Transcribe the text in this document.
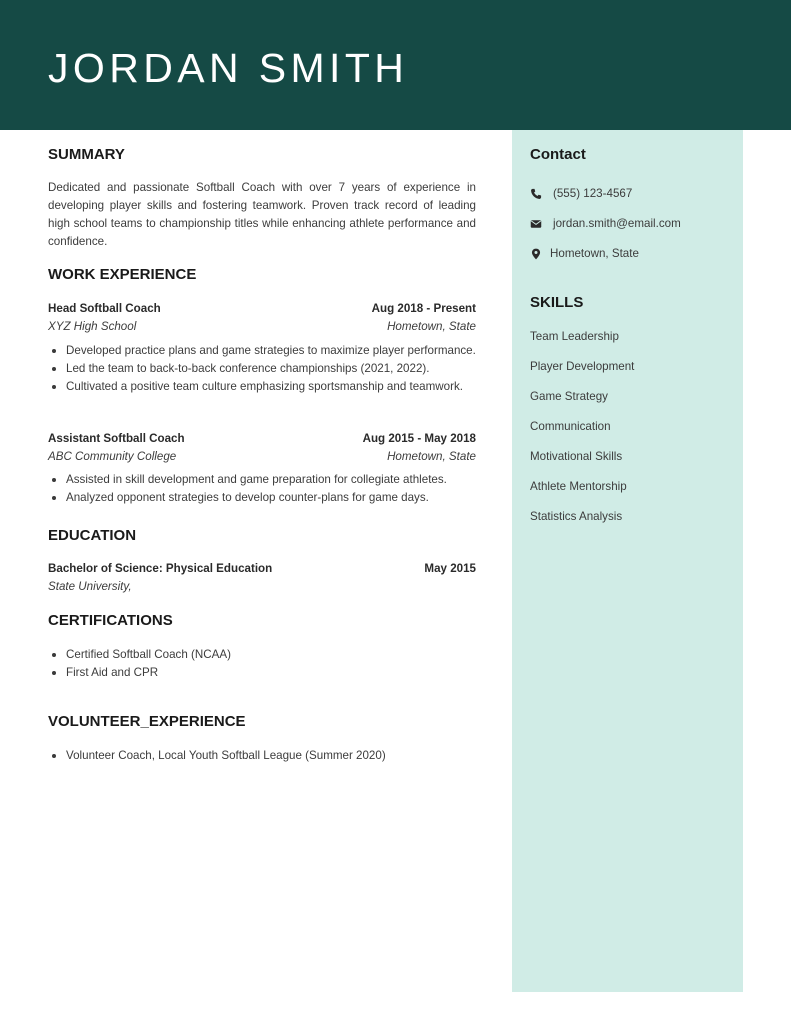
JORDAN SMITH
SUMMARY
Dedicated and passionate Softball Coach with over 7 years of experience in developing player skills and fostering teamwork. Proven track record of leading high school teams to championship titles while enhancing athlete performance and confidence.
WORK EXPERIENCE
Head Softball Coach	Aug 2018 - Present
XYZ High School	Hometown, State
Developed practice plans and game strategies to maximize player performance.
Led the team to back-to-back conference championships (2021, 2022).
Cultivated a positive team culture emphasizing sportsmanship and teamwork.
Assistant Softball Coach	Aug 2015 - May 2018
ABC Community College	Hometown, State
Assisted in skill development and game preparation for collegiate athletes.
Analyzed opponent strategies to develop counter-plans for game days.
EDUCATION
Bachelor of Science: Physical Education	May 2015
State University,
CERTIFICATIONS
Certified Softball Coach (NCAA)
First Aid and CPR
VOLUNTEER_EXPERIENCE
Volunteer Coach, Local Youth Softball League (Summer 2020)
Contact
(555) 123-4567
jordan.smith@email.com
Hometown, State
SKILLS
Team Leadership
Player Development
Game Strategy
Communication
Motivational Skills
Athlete Mentorship
Statistics Analysis
